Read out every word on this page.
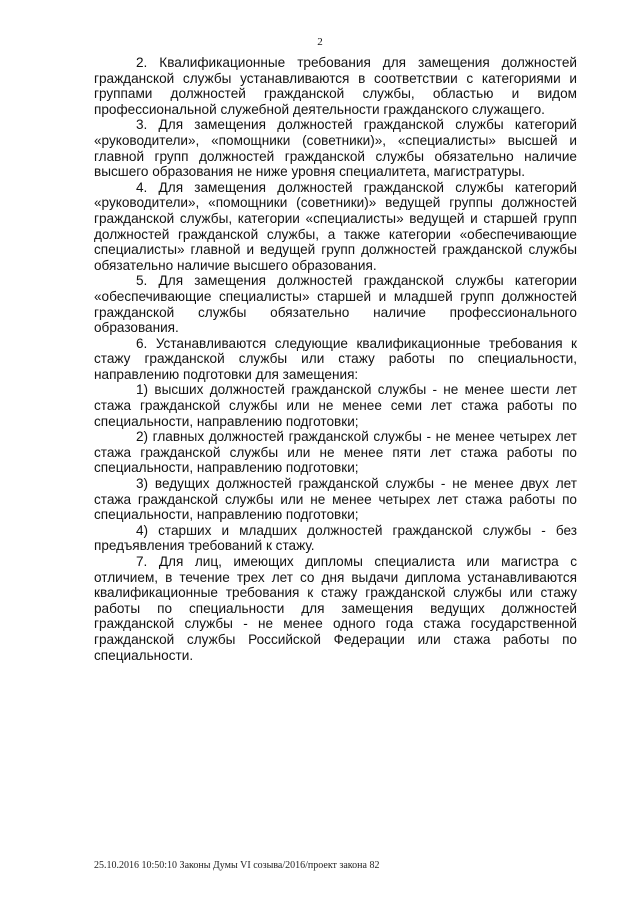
2

2. Квалификационные требования для замещения должностей гражданской службы устанавливаются в соответствии с категориями и группами должностей гражданской службы, областью и видом профессиональной служебной деятельности гражданского служащего.

3. Для замещения должностей гражданской службы категорий «руководители», «помощники (советники)», «специалисты» высшей и главной групп должностей гражданской службы обязательно наличие высшего образования не ниже уровня специалитета, магистратуры.

4. Для замещения должностей гражданской службы категорий «руководители», «помощники (советники)» ведущей группы должностей гражданской службы, категории «специалисты» ведущей и старшей групп должностей гражданской службы, а также категории «обеспечивающие специалисты» главной и ведущей групп должностей гражданской службы обязательно наличие высшего образования.

5. Для замещения должностей гражданской службы категории «обеспечивающие специалисты» старшей и младшей групп должностей гражданской службы обязательно наличие профессионального образования.

6. Устанавливаются следующие квалификационные требования к стажу гражданской службы или стажу работы по специальности, направлению подготовки для замещения:

1) высших должностей гражданской службы - не менее шести лет стажа гражданской службы или не менее семи лет стажа работы по специальности, направлению подготовки;

2) главных должностей гражданской службы - не менее четырех лет стажа гражданской службы или не менее пяти лет стажа работы по специальности, направлению подготовки;

3) ведущих должностей гражданской службы - не менее двух лет стажа гражданской службы или не менее четырех лет стажа работы по специальности, направлению подготовки;

4) старших и младших должностей гражданской службы - без предъявления требований к стажу.

7. Для лиц, имеющих дипломы специалиста или магистра с отличием, в течение трех лет со дня выдачи диплома устанавливаются квалификационные требования к стажу гражданской службы или стажу работы по специальности для замещения ведущих должностей гражданской службы - не менее одного года стажа государственной гражданской службы Российской Федерации или стажа работы по специальности.

25.10.2016 10:50:10 Законы Думы VI созыва/2016/проект закона 82
